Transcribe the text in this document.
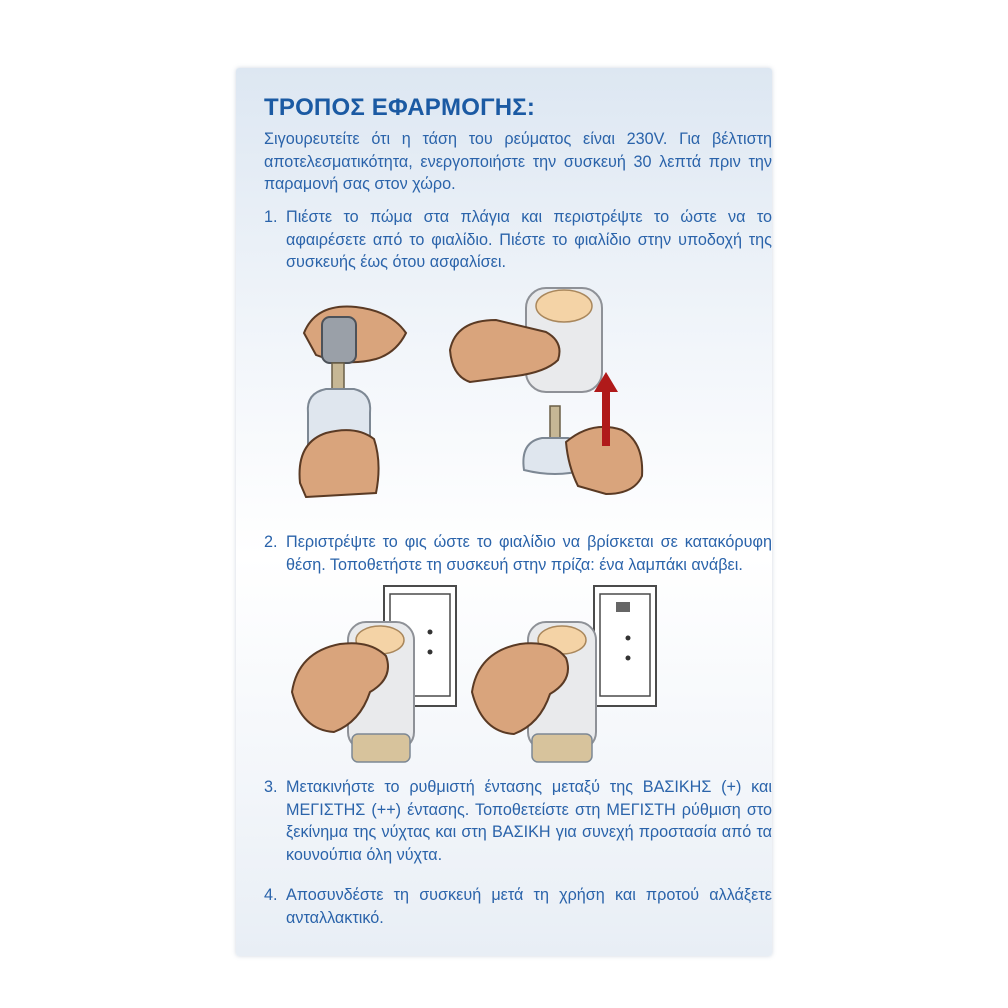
ΤΡΟΠΟΣ ΕΦΑΡΜΟΓΗΣ:
Σιγουρευτείτε ότι η τάση του ρεύματος είναι 230V. Για βέλτιστη αποτελεσματικότητα, ενεργοποιήστε την συσκευή 30 λεπτά πριν την παραμονή σας στον χώρο.
1. Πιέστε το πώμα στα πλάγια και περιστρέψτε το ώστε να το αφαιρέσετε από το φιαλίδιο. Πιέστε το φιαλίδιο στην υποδοχή της συσκευής έως ότου ασφαλίσει.
2. Περιστρέψτε το φις ώστε το φιαλίδιο να βρίσκεται σε κατακόρυφη θέση. Τοποθετήστε τη συσκευή στην πρίζα: ένα λαμπάκι ανάβει.
3. Μετακινήστε το ρυθμιστή έντασης μεταξύ της ΒΑΣΙΚΗΣ (+) και ΜΕΓΙΣΤΗΣ (++) έντασης. Τοποθετείστε στη ΜΕΓΙΣΤΗ ρύθμιση στο ξεκίνημα της νύχτας και στη ΒΑΣΙΚΗ για συνεχή προστασία από τα κουνούπια όλη νύχτα.
4. Αποσυνδέστε τη συσκευή μετά τη χρήση και προτού αλλάξετε ανταλλακτικό.
